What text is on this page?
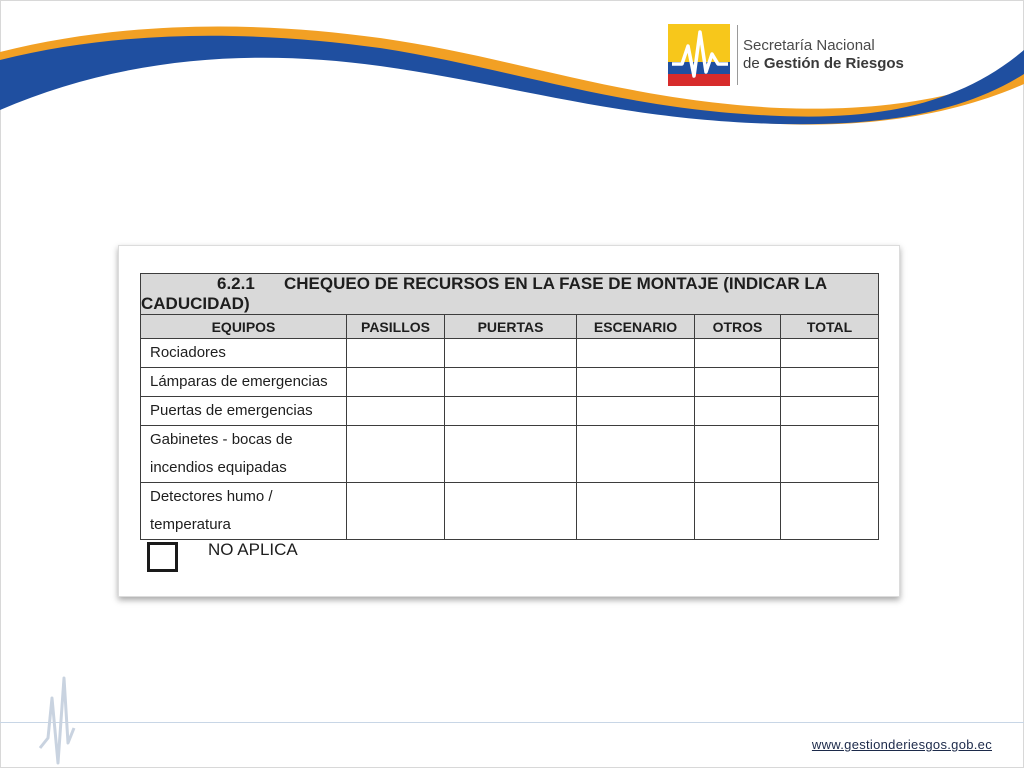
Secretaría Nacional
de Gestión de Riesgos
6.2.1 CHEQUEO DE RECURSOS EN LA FASE DE MONTAJE (INDICAR LA CADUCIDAD)					
EQUIPOS	PASILLOS	PUERTAS	ESCENARIO	OTROS	TOTAL
Rociadores					
Lámparas de emergencias					
Puertas de emergencias					

Gabinetes - bocas de
incendios equipadas					

Detectores humo /
temperatura					

NO APLICA
www.gestionderiesgos.gob.ec
